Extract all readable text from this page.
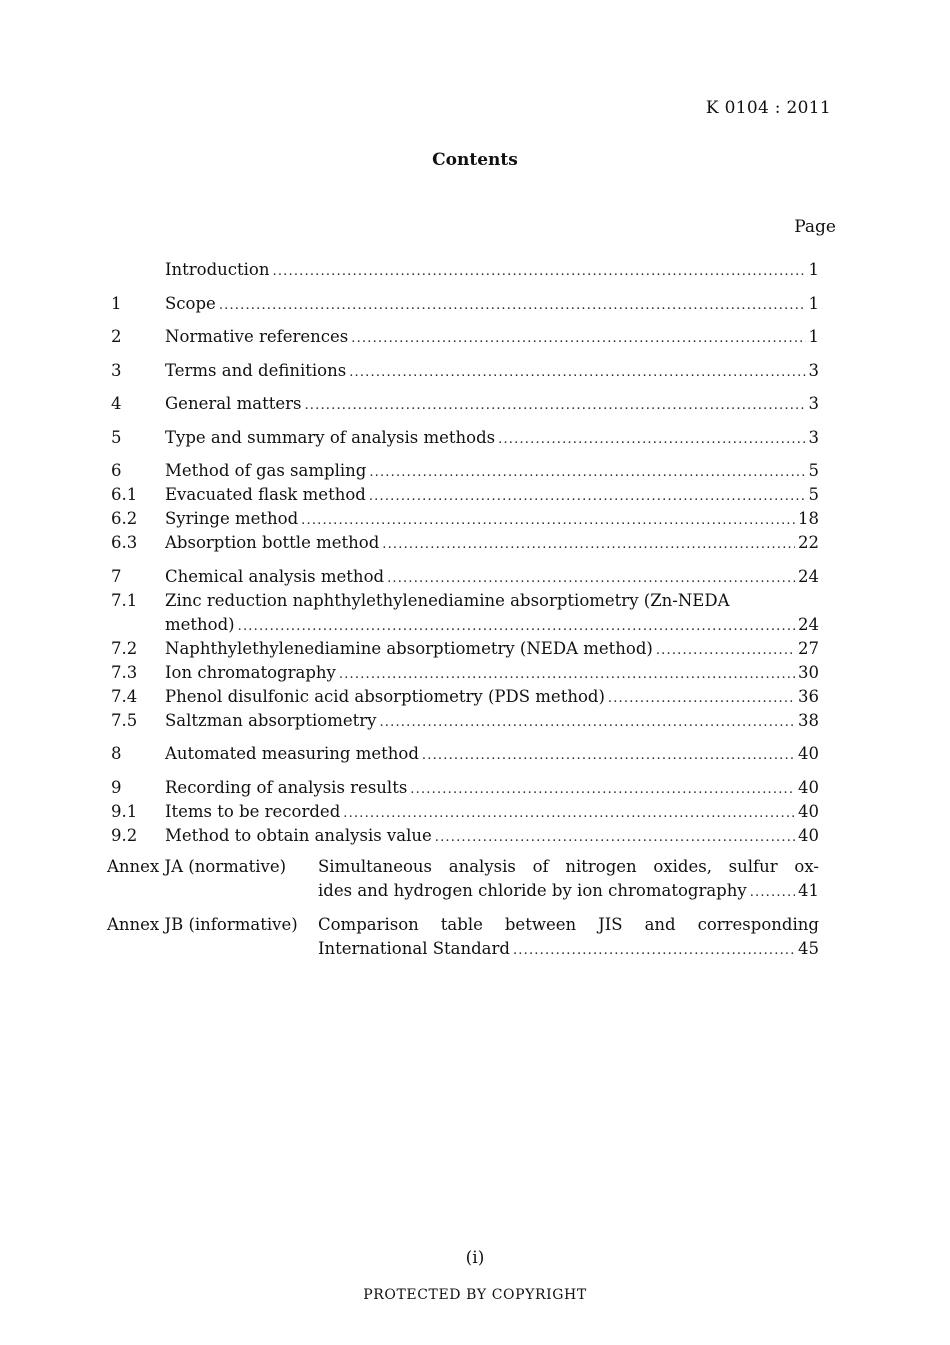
K 0104 : 2011
Contents
Page
Introduction .....	1
1	Scope .....	1
2	Normative references .....	1
3	Terms and definitions .....	3
4	General matters .....	3
5	Type and summary of analysis methods .....	3
6	Method of gas sampling .....	5
6.1	Evacuated flask method .....	5
6.2	Syringe method .....	18
6.3	Absorption bottle method .....	22
7	Chemical analysis method .....	24
7.1	Zinc reduction naphthylethylenediamine absorptiometry (Zn-NEDA
method) .....	24
7.2	Naphthylethylenediamine absorptiometry (NEDA method) .....	27
7.3	Ion chromatography .....	30
7.4	Phenol disulfonic acid absorptiometry (PDS method) .....	36
7.5	Saltzman absorptiometry .....	38
8	Automated measuring method .....	40
9	Recording of analysis results .....	40
9.1	Items to be recorded .....	40
9.2	Method to obtain analysis value .....	40
Annex JA (normative) Simultaneous analysis of nitrogen oxides, sulfur ox-
ides and hydrogen chloride by ion chromatography .....	41
Annex JB (informative) Comparison table between JIS and corresponding
International Standard .....	45
(i)
PROTECTED BY COPYRIGHT
